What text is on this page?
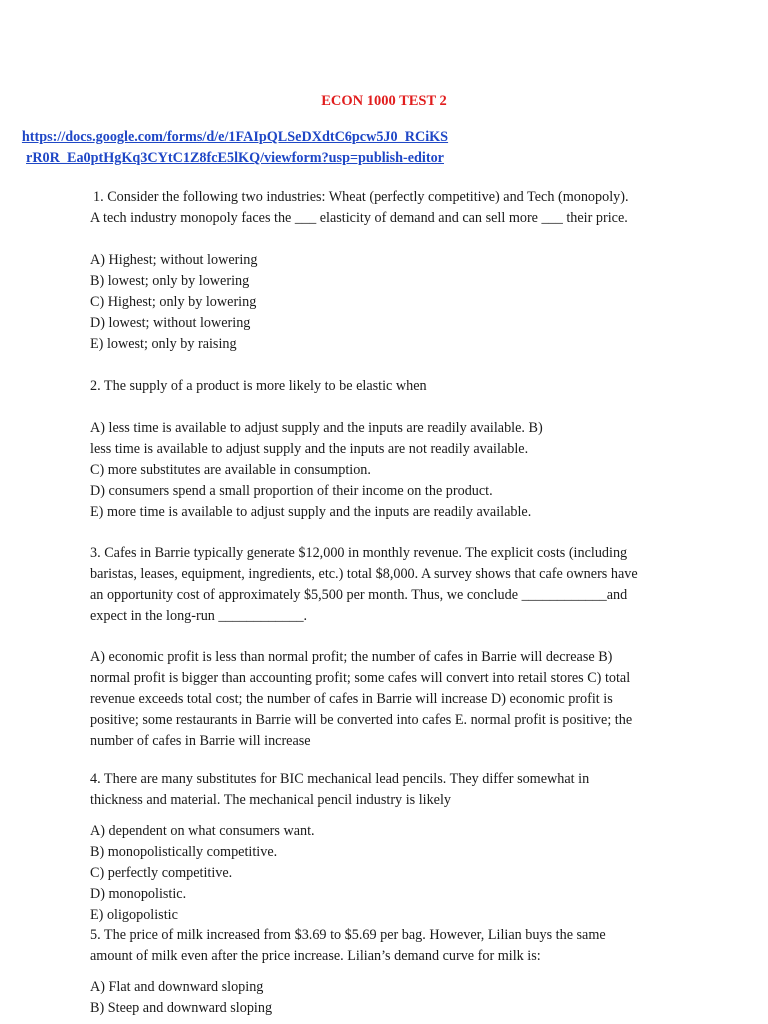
ECON 1000 TEST 2
https://docs.google.com/forms/d/e/1FAIpQLSeDXdtC6pcw5J0_RCiKS
rR0R_Ea0ptHgKq3CYtC1Z8fcE5lKQ/viewform?usp=publish-editor
1. Consider the following two industries: Wheat (perfectly competitive) and Tech (monopoly).
A tech industry monopoly faces the ___ elasticity of demand and can sell more ___ their price.
A) Highest; without lowering
B) lowest; only by lowering
C) Highest; only by lowering
D) lowest; without lowering
E) lowest; only by raising
2. The supply of a product is more likely to be elastic when
A) less time is available to adjust supply and the inputs are readily available. B)
less time is available to adjust supply and the inputs are not readily available.
C) more substitutes are available in consumption.
D) consumers spend a small proportion of their income on the product.
E) more time is available to adjust supply and the inputs are readily available.
3. Cafes in Barrie typically generate $12,000 in monthly revenue. The explicit costs (including
baristas, leases, equipment, ingredients, etc.) total $8,000. A survey shows that cafe owners have
an opportunity cost of approximately $5,500 per month. Thus, we conclude ____________and
expect in the long-run ____________.
A) economic profit is less than normal profit; the number of cafes in Barrie will decrease B)
normal profit is bigger than accounting profit; some cafes will convert into retail stores C) total
revenue exceeds total cost; the number of cafes in Barrie will increase D) economic profit is
positive; some restaurants in Barrie will be converted into cafes E. normal profit is positive; the
number of cafes in Barrie will increase
4. There are many substitutes for BIC mechanical lead pencils. They differ somewhat in
thickness and material. The mechanical pencil industry is likely
A) dependent on what consumers want.
B) monopolistically competitive.
C) perfectly competitive.
D) monopolistic.
E) oligopolistic
5. The price of milk increased from $3.69 to $5.69 per bag. However, Lilian buys the same
amount of milk even after the price increase. Lilian’s demand curve for milk is:
A) Flat and downward sloping
B) Steep and downward sloping
